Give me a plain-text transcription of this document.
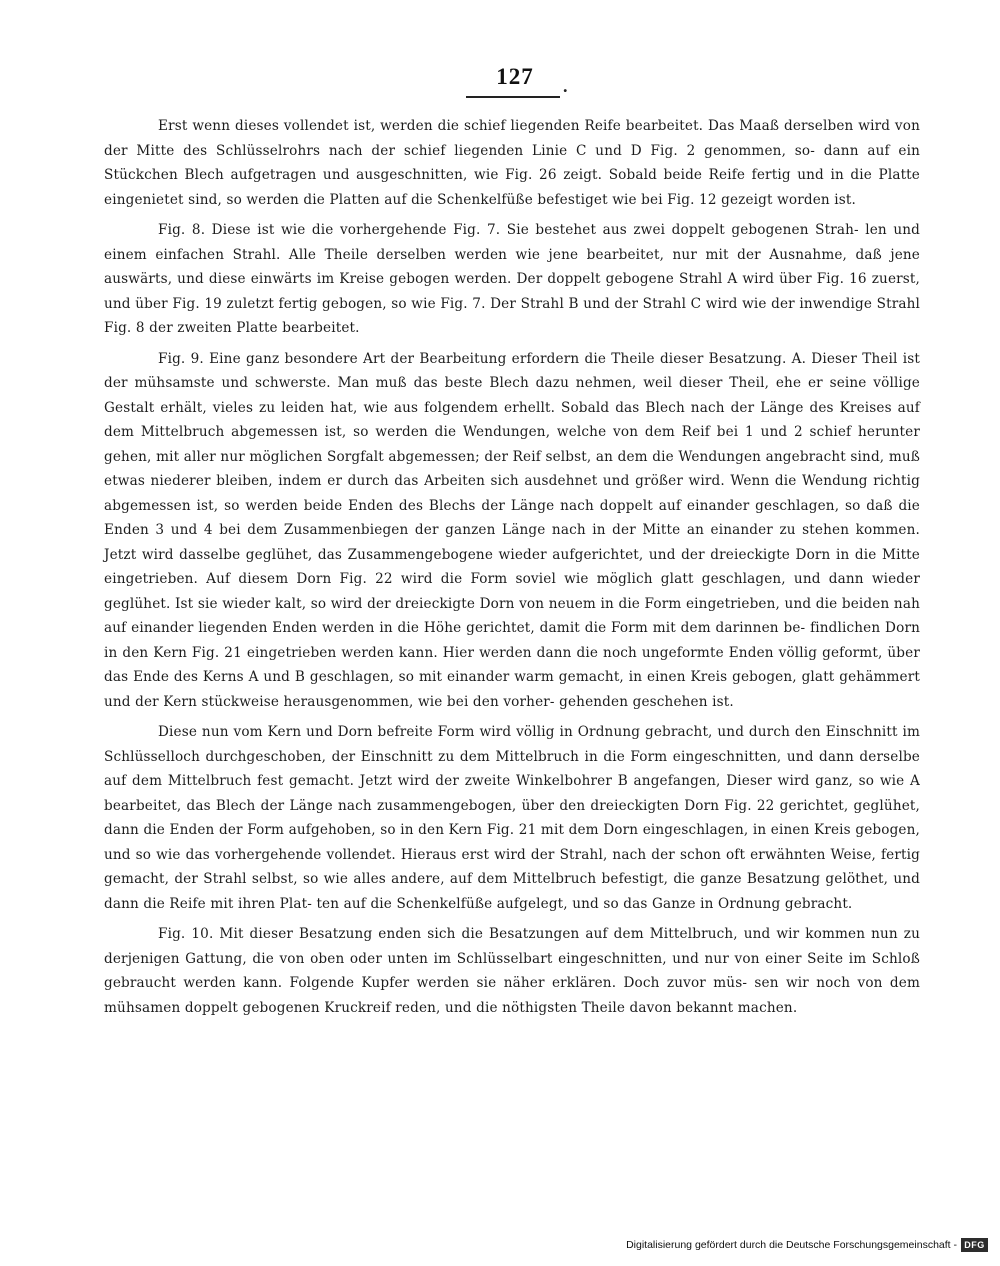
127	.

Erst wenn dieses vollendet ist, werden die schief liegenden Reife bearbeitet. Das Maaß derselben wird von der Mitte des Schlüsselrohrs nach der schief liegenden Linie C und D Fig. 2 genommen, so- dann auf ein Stückchen Blech aufgetragen und ausgeschnitten, wie Fig. 26 zeigt. Sobald beide Reife fertig und in die Platte eingenietet sind, so werden die Platten auf die Schenkelfüße befestiget wie bei Fig. 12 gezeigt worden ist.

Fig. 8. Diese ist wie die vorhergehende Fig. 7. Sie bestehet aus zwei doppelt gebogenen Strah- len und einem einfachen Strahl. Alle Theile derselben werden wie jene bearbeitet, nur mit der Ausnahme, daß jene auswärts, und diese einwärts im Kreise gebogen werden. Der doppelt gebogene Strahl A wird über Fig. 16 zuerst, und über Fig. 19 zuletzt fertig gebogen, so wie Fig. 7. Der Strahl B und der Strahl C wird wie der inwendige Strahl Fig. 8 der zweiten Platte bearbeitet.

Fig. 9. Eine ganz besondere Art der Bearbeitung erfordern die Theile dieser Besatzung. A. Dieser Theil ist der mühsamste und schwerste. Man muß das beste Blech dazu nehmen, weil dieser Theil, ehe er seine völlige Gestalt erhält, vieles zu leiden hat, wie aus folgendem erhellt. Sobald das Blech nach der Länge des Kreises auf dem Mittelbruch abgemessen ist, so werden die Wendungen, welche von dem Reif bei 1 und 2 schief herunter gehen, mit aller nur möglichen Sorgfalt abgemessen; der Reif selbst, an dem die Wendungen angebracht sind, muß etwas niederer bleiben, indem er durch das Arbeiten sich ausdehnet und größer wird. Wenn die Wendung richtig abgemessen ist, so werden beide Enden des Blechs der Länge nach doppelt auf einander geschlagen, so daß die Enden 3 und 4 bei dem Zusammenbiegen der ganzen Länge nach in der Mitte an einander zu stehen kommen. Jetzt wird dasselbe geglühet, das Zusammengebogene wieder aufgerichtet, und der dreieckigte Dorn in die Mitte eingetrieben. Auf diesem Dorn Fig. 22 wird die Form soviel wie möglich glatt geschlagen, und dann wieder geglühet. Ist sie wieder kalt, so wird der dreieckigte Dorn von neuem in die Form eingetrieben, und die beiden nah auf einander liegenden Enden werden in die Höhe gerichtet, damit die Form mit dem darinnen be- findlichen Dorn in den Kern Fig. 21 eingetrieben werden kann. Hier werden dann die noch ungeformte Enden völlig geformt, über das Ende des Kerns A und B geschlagen, so mit einander warm gemacht, in einen Kreis gebogen, glatt gehämmert und der Kern stückweise herausgenommen, wie bei den vorher- gehenden geschehen ist.

Diese nun vom Kern und Dorn befreite Form wird völlig in Ordnung gebracht, und durch den Einschnitt im Schlüsselloch durchgeschoben, der Einschnitt zu dem Mittelbruch in die Form eingeschnitten, und dann derselbe auf dem Mittelbruch fest gemacht. Jetzt wird der zweite Winkelbohrer B angefangen, Dieser wird ganz, so wie A bearbeitet, das Blech der Länge nach zusammengebogen, über den dreieckigten Dorn Fig. 22 gerichtet, geglühet, dann die Enden der Form aufgehoben, so in den Kern Fig. 21 mit dem Dorn eingeschlagen, in einen Kreis gebogen, und so wie das vorhergehende vollendet. Hieraus erst wird der Strahl, nach der schon oft erwähnten Weise, fertig gemacht, der Strahl selbst, so wie alles andere, auf dem Mittelbruch befestigt, die ganze Besatzung gelöthet, und dann die Reife mit ihren Plat- ten auf die Schenkelfüße aufgelegt, und so das Ganze in Ordnung gebracht.

Fig. 10. Mit dieser Besatzung enden sich die Besatzungen auf dem Mittelbruch, und wir kommen nun zu derjenigen Gattung, die von oben oder unten im Schlüsselbart eingeschnitten, und nur von einer Seite im Schloß gebraucht werden kann. Folgende Kupfer werden sie näher erklären. Doch zuvor müs- sen wir noch von dem mühsamen doppelt gebogenen Kruckreif reden, und die nöthigsten Theile davon bekannt machen.

Digitalisierung gefördert durch die Deutsche Forschungsgemeinschaft - DFG
